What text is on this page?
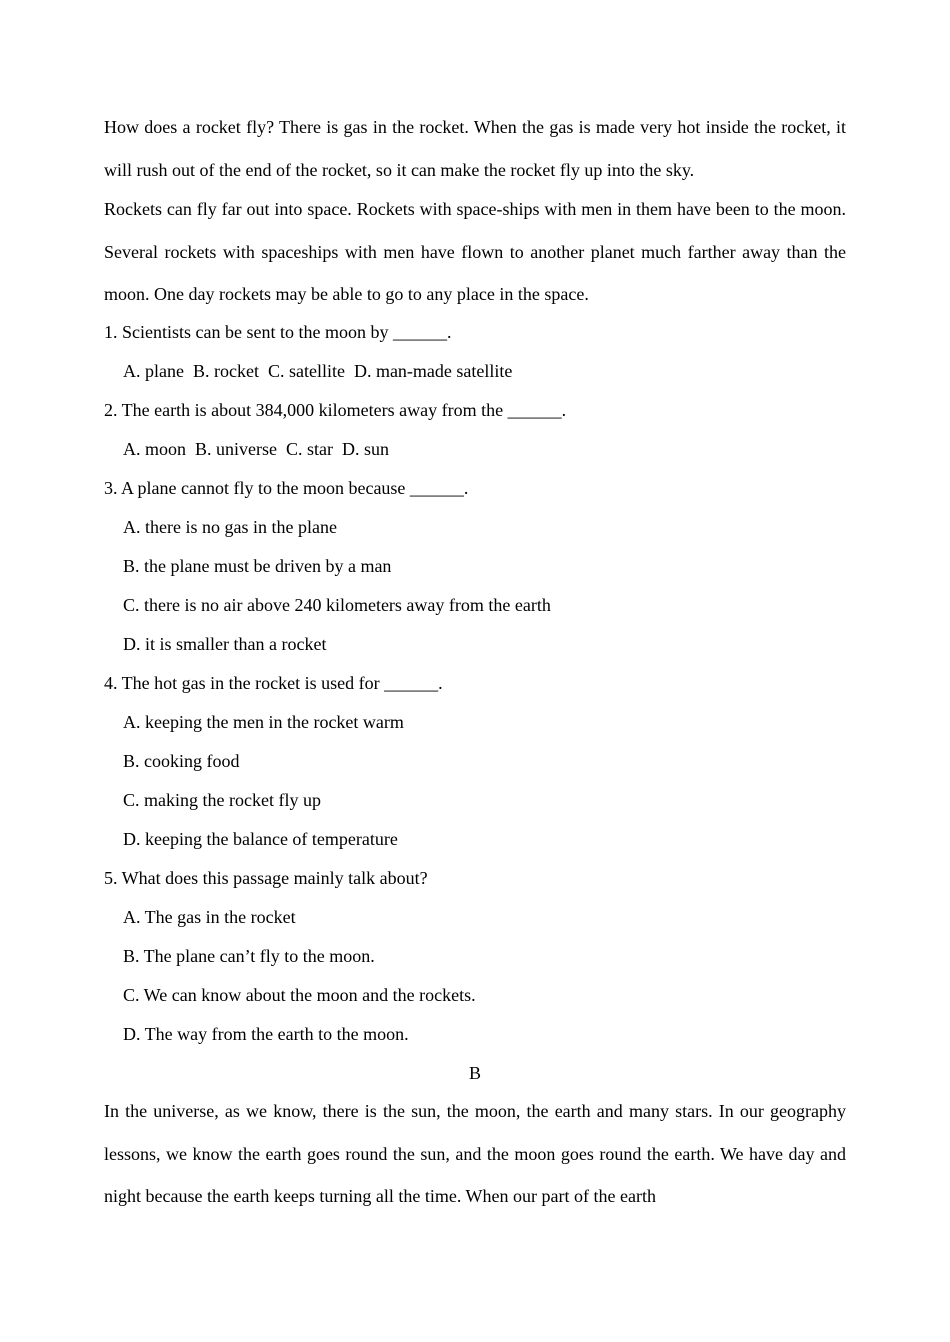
How does a rocket fly? There is gas in the rocket. When the gas is made very hot inside the rocket, it will rush out of the end of the rocket, so it can make the rocket fly up into the sky.

Rockets can fly far out into space. Rockets with space-ships with men in them have been to the moon. Several rockets with spaceships with men have flown to another planet much farther away than the moon. One day rockets may be able to go to any place in the space.

1. Scientists can be sent to the moon by ______.
A. plane  B. rocket  C. satellite  D. man-made satellite
2. The earth is about 384,000 kilometers away from the ______.
A. moon  B. universe  C. star  D. sun
3. A plane cannot fly to the moon because ______.
A. there is no gas in the plane
B. the plane must be driven by a man
C. there is no air above 240 kilometers away from the earth
D. it is smaller than a rocket
4. The hot gas in the rocket is used for ______.
A. keeping the men in the rocket warm
B. cooking food
C. making the rocket fly up
D. keeping the balance of temperature
5. What does this passage mainly talk about?
A. The gas in the rocket
B. The plane can’t fly to the moon.
C. We can know about the moon and the rockets.
D. The way from the earth to the moon.
B

In the universe, as we know, there is the sun, the moon, the earth and many stars. In our geography lessons, we know the earth goes round the sun, and the moon goes round the earth. We have day and night because the earth keeps turning all the time. When our part of the earth
